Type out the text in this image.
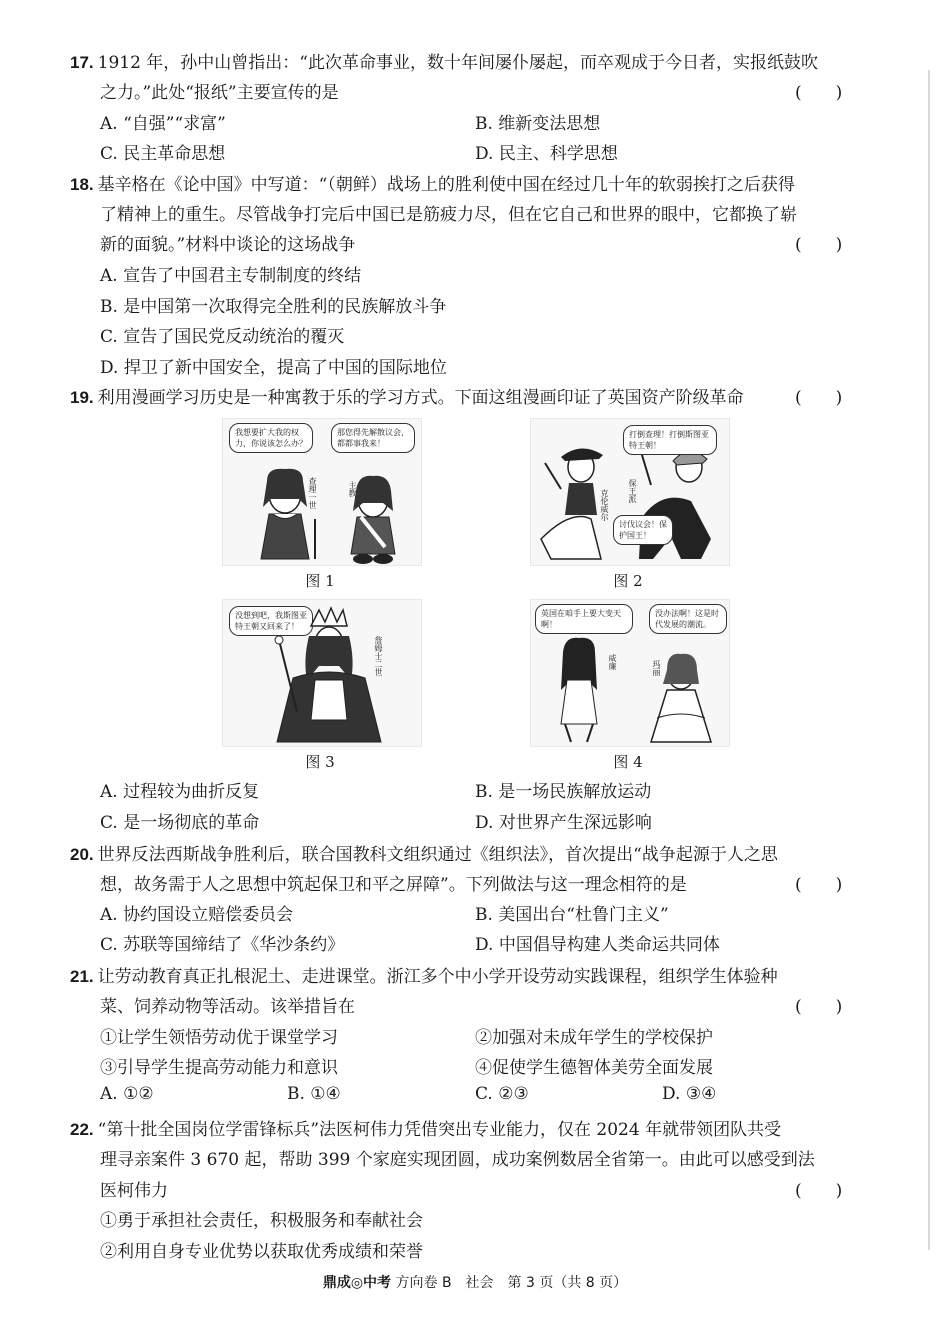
17. 1912 年，孙中山曾指出：“此次革命事业，数十年间屡仆屡起，而卒观成于今日者，实报纸鼓吹
之力。”此处“报纸”主要宣传的是	(　　)
A. “自强”“求富”	B. 维新变法思想
C. 民主革命思想	D. 民主、科学思想
18. 基辛格在《论中国》中写道：“（朝鲜）战场上的胜利使中国在经过几十年的软弱挨打之后获得
了精神上的重生。尽管战争打完后中国已是筋疲力尽，但在它自己和世界的眼中，它都换了崭
新的面貌。”材料中谈论的这场战争	(　　)
A. 宣告了中国君主专制制度的终结
B. 是中国第一次取得完全胜利的民族解放斗争
C. 宣告了国民党反动统治的覆灭
D. 捍卫了新中国安全，提高了中国的国际地位
19. 利用漫画学习历史是一种寓教于乐的学习方式。下面这组漫画印证了英国资产阶级革命	(　　)
我想要扩大我的权力，你说该怎么办？
那您得先解散议会，都都事我来！
查理一世	主教
图 1
打倒查理！打倒斯图亚特王朝！
克伦威尔 保王派
讨伐议会！保护国王！
图 2
没想到吧，我斯图亚特王朝又回来了！
詹姆士二世
图 3
英国在咱手上要大变天啊！
没办法啊！这是时代发展的潮流。
威廉	玛丽
图 4
A. 过程较为曲折反复	B. 是一场民族解放运动
C. 是一场彻底的革命	D. 对世界产生深远影响
20. 世界反法西斯战争胜利后，联合国教科文组织通过《组织法》，首次提出“战争起源于人之思
想，故务需于人之思想中筑起保卫和平之屏障”。下列做法与这一理念相符的是	(　　)
A. 协约国设立赔偿委员会	B. 美国出台“杜鲁门主义”
C. 苏联等国缔结了《华沙条约》	D. 中国倡导构建人类命运共同体
21. 让劳动教育真正扎根泥土、走进课堂。浙江多个中小学开设劳动实践课程，组织学生体验种
菜、饲养动物等活动。该举措旨在	(　　)
①让学生领悟劳动优于课堂学习	②加强对未成年学生的学校保护
③引导学生提高劳动能力和意识	④促使学生德智体美劳全面发展
A. ①②	B. ①④	C. ②③	D. ③④
22. “第十批全国岗位学雷锋标兵”法医柯伟力凭借突出专业能力，仅在 2024 年就带领团队共受
理寻亲案件 3 670 起，帮助 399 个家庭实现团圆，成功案例数居全省第一。由此可以感受到法
医柯伟力	(　　)
①勇于承担社会责任，积极服务和奉献社会
②利用自身专业优势以获取优秀成绩和荣誉
鼎成◎中考 方向卷 B　社会　第 3 页（共 8 页）
